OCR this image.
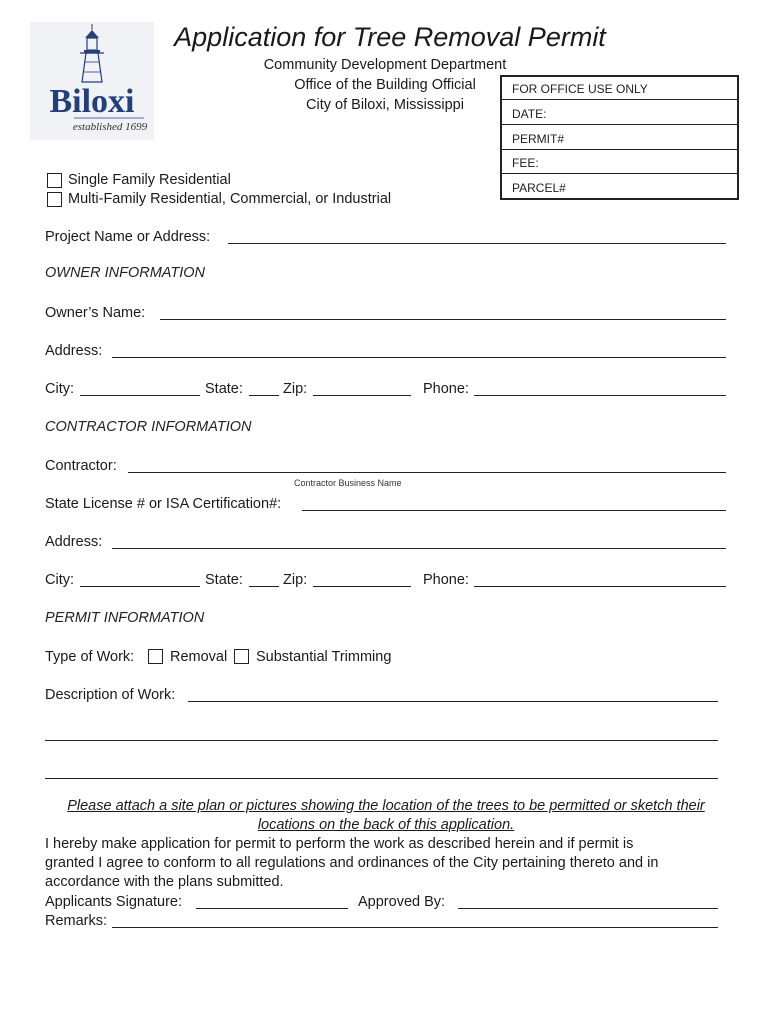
Biloxi
established 1699
Application for Tree Removal Permit
Community Development Department
Office of the Building Official
City of Biloxi, Mississippi
FOR OFFICE USE ONLY
DATE:
PERMIT#
FEE:
PARCEL#
Single Family Residential
Multi-Family Residential, Commercial, or Industrial
Project Name or Address:
OWNER INFORMATION
Owner’s Name:
Address:
City:	State:	Zip:	Phone:
CONTRACTOR INFORMATION
Contractor:
Contractor Business Name
State License # or ISA Certification#:
Address:
City:	State:	Zip:	Phone:
PERMIT INFORMATION
Type of Work: Removal Substantial Trimming
Description of Work:
Please attach a site plan or pictures showing the location of the trees to be permitted or sketch their
locations on the back of this application.
I hereby make application for permit to perform the work as described herein and if permit is
granted I agree to conform to all regulations and ordinances of the City pertaining thereto and in
accordance with the plans submitted.
Applicants Signature:	Approved By:
Remarks:
